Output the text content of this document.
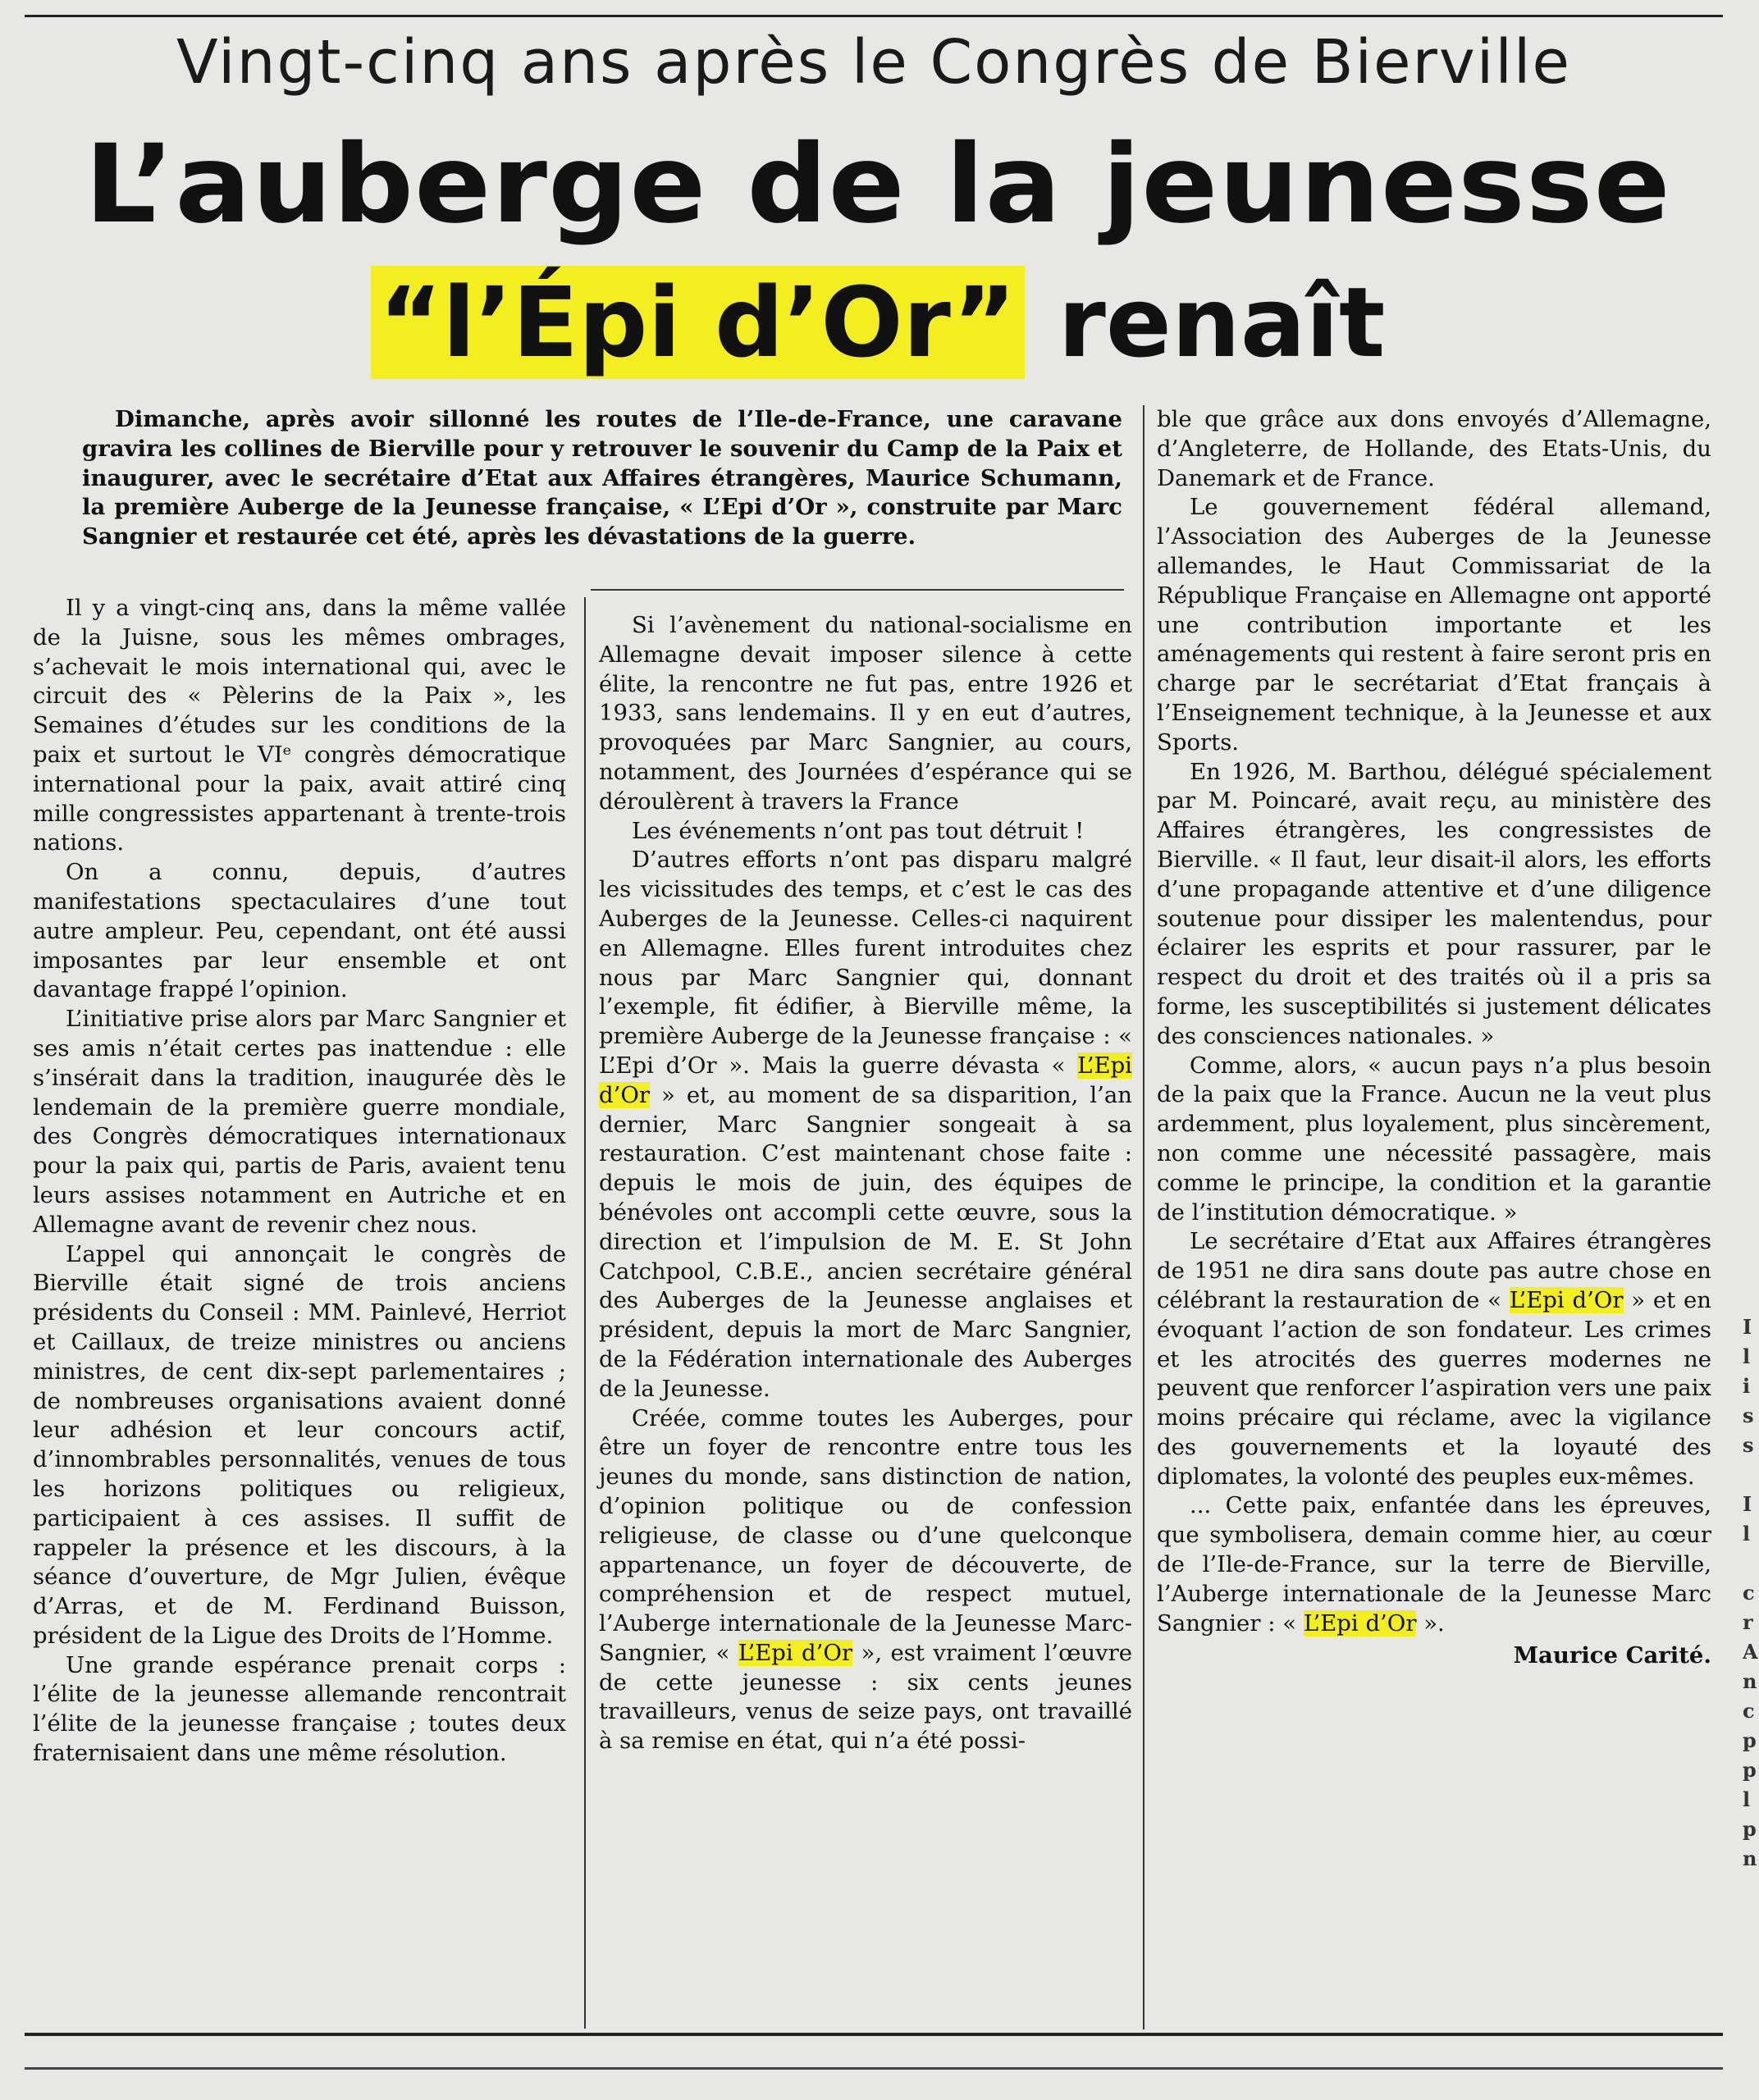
Vingt-cinq ans après le Congrès de Bierville
L’auberge de la jeunesse
“l’Épi d’Or” renaît

Dimanche, après avoir sillonné les routes de l’Ile-de-France, une caravane gravira les collines de Bierville pour y retrouver le souvenir du Camp de la Paix et inaugurer, avec le secrétaire d’Etat aux Affaires étrangères, Maurice Schumann, la première Auberge de la Jeunesse française, « L’Epi d’Or », construite par Marc Sangnier et restaurée cet été, après les dévastations de la guerre.

Il y a vingt-cinq ans, dans la même vallée de la Juisne, sous les mêmes ombrages, s’achevait le mois international qui, avec le circuit des « Pèlerins de la Paix », les Semaines d’études sur les conditions de la paix et surtout le VIᵉ congrès démocratique international pour la paix, avait attiré cinq mille congressistes appartenant à trente-trois nations.

On a connu, depuis, d’autres manifestations spectaculaires d’une tout autre ampleur. Peu, cependant, ont été aussi imposantes par leur ensemble et ont davantage frappé l’opinion.

L’initiative prise alors par Marc Sangnier et ses amis n’était certes pas inattendue : elle s’insérait dans la tradition, inaugurée dès le lendemain de la première guerre mondiale, des Congrès démocratiques internationaux pour la paix qui, partis de Paris, avaient tenu leurs assises notamment en Autriche et en Allemagne avant de revenir chez nous.

L’appel qui annonçait le congrès de Bierville était signé de trois anciens présidents du Conseil : MM. Painlevé, Herriot et Caillaux, de treize ministres ou anciens ministres, de cent dix-sept parlementaires ; de nombreuses organisations avaient donné leur adhésion et leur concours actif, d’innombrables personnalités, venues de tous les horizons politiques ou religieux, participaient à ces assises. Il suffit de rappeler la présence et les discours, à la séance d’ouverture, de Mgr Julien, évêque d’Arras, et de M. Ferdinand Buisson, président de la Ligue des Droits de l’Homme.

Une grande espérance prenait corps : l’élite de la jeunesse allemande rencontrait l’élite de la jeunesse française ; toutes deux fraternisaient dans une même résolution.

Si l’avènement du national-socialisme en Allemagne devait imposer silence à cette élite, la rencontre ne fut pas, entre 1926 et 1933, sans lendemains. Il y en eut d’autres, provoquées par Marc Sangnier, au cours, notamment, des Journées d’espérance qui se déroulèrent à travers la France

Les événements n’ont pas tout détruit !

D’autres efforts n’ont pas disparu malgré les vicissitudes des temps, et c’est le cas des Auberges de la Jeunesse. Celles-ci naquirent en Allemagne. Elles furent introduites chez nous par Marc Sangnier qui, donnant l’exemple, fit édifier, à Bierville même, la première Auberge de la Jeunesse française : « L’Epi d’Or ». Mais la guerre dévasta « L’Epi d’Or » et, au moment de sa disparition, l’an dernier, Marc Sangnier songeait à sa restauration. C’est maintenant chose faite : depuis le mois de juin, des équipes de bénévoles ont accompli cette œuvre, sous la direction et l’impulsion de M. E. St John Catchpool, C.B.E., ancien secrétaire général des Auberges de la Jeunesse anglaises et président, depuis la mort de Marc Sangnier, de la Fédération internationale des Auberges de la Jeunesse.

Créée, comme toutes les Auberges, pour être un foyer de rencontre entre tous les jeunes du monde, sans distinction de nation, d’opinion politique ou de confession religieuse, de classe ou d’une quelconque appartenance, un foyer de découverte, de compréhension et de respect mutuel, l’Auberge internationale de la Jeunesse Marc-Sangnier, « L’Epi d’Or », est vraiment l’œuvre de cette jeunesse : six cents jeunes travailleurs, venus de seize pays, ont travaillé à sa remise en état, qui n’a été possi-

ble que grâce aux dons envoyés d’Allemagne, d’Angleterre, de Hollande, des Etats-Unis, du Danemark et de France.

Le gouvernement fédéral allemand, l’Association des Auberges de la Jeunesse allemandes, le Haut Commissariat de la République Française en Allemagne ont apporté une contribution importante et les aménagements qui restent à faire seront pris en charge par le secrétariat d’Etat français à l’Enseignement technique, à la Jeunesse et aux Sports.

En 1926, M. Barthou, délégué spécialement par M. Poincaré, avait reçu, au ministère des Affaires étrangères, les congressistes de Bierville. « Il faut, leur disait-il alors, les efforts d’une propagande attentive et d’une diligence soutenue pour dissiper les malentendus, pour éclairer les esprits et pour rassurer, par le respect du droit et des traités où il a pris sa forme, les susceptibilités si justement délicates des consciences nationales. »

Comme, alors, « aucun pays n’a plus besoin de la paix que la France. Aucun ne la veut plus ardemment, plus loyalement, plus sincèrement, non comme une nécessité passagère, mais comme le principe, la condition et la garantie de l’institution démocratique. »

Le secrétaire d’Etat aux Affaires étrangères de 1951 ne dira sans doute pas autre chose en célébrant la restauration de « L’Epi d’Or » et en évoquant l’action de son fondateur. Les crimes et les atrocités des guerres modernes ne peuvent que renforcer l’aspiration vers une paix moins précaire qui réclame, avec la vigilance des gouvernements et la loyauté des diplomates, la volonté des peuples eux-mêmes.

... Cette paix, enfantée dans les épreuves, que symbolisera, demain comme hier, au cœur de l’Ile-de-France, sur la terre de Bierville, l’Auberge internationale de la Jeunesse Marc Sangnier : « L’Epi d’Or ».

Maurice Carité.
I
l
i
s
s
I
l
c
r
A
n
c
p
p
l
p
n
